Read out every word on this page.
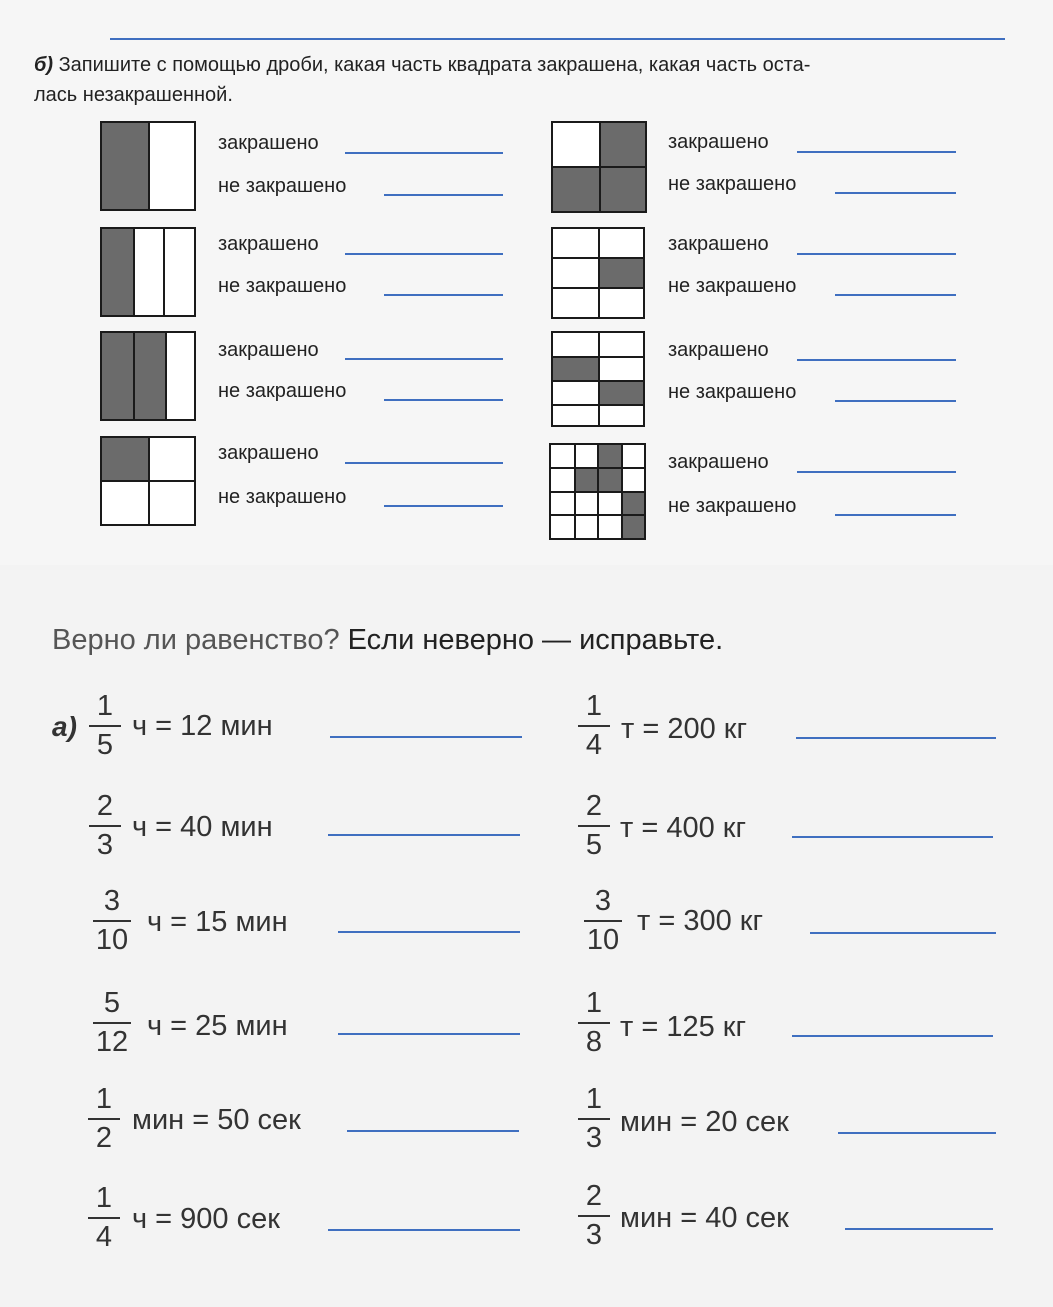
б) Запишите с помощью дроби, какая часть квадрата закрашена, какая часть оста-
лась незакрашенной.
закрашено
не закрашено
закрашено
не закрашено
закрашено
не закрашено
закрашено
не закрашено
закрашено
не закрашено
закрашено
не закрашено
закрашено
не закрашено
закрашено
не закрашено
Верно ли равенство? Если неверно — исправьте.
а)
1
5
ч = 12 мин
1
4 т = 200 кг
2
3
ч = 40 мин
2
5
т = 400 кг
3
10
ч = 15 мин
3
10
т = 300 кг
5
12 ч = 25 мин
1
8 т = 125 кг
1
2
мин = 50 сек
1
3 мин = 20 сек
1
4
ч = 900 сек
2
3
мин = 40 сек
